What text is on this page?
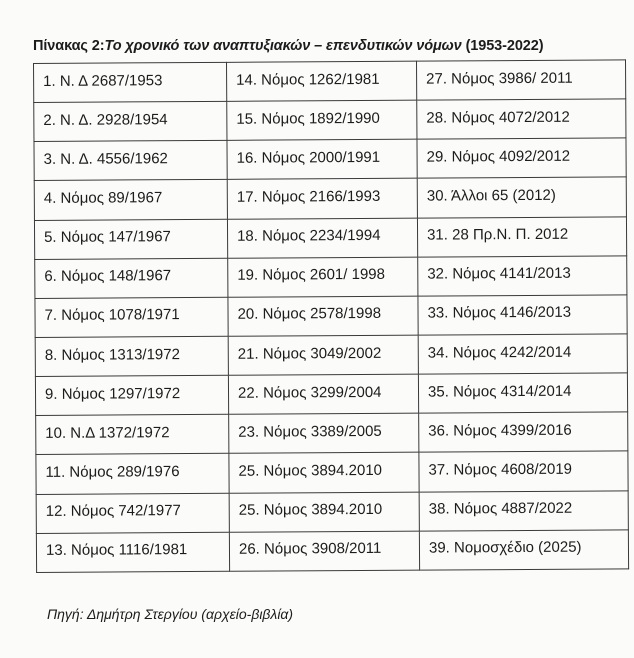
Πίνακας 2:Το χρονικό των αναπτυξιακών – επενδυτικών νόμων (1953-2022)
1. Ν. Δ 2687/1953	14. Νόμος 1262/1981	27. Νόμος 3986/ 2011
2. Ν. Δ. 2928/1954	15. Νόμος 1892/1990	28. Νόμος 4072/2012
3. Ν. Δ. 4556/1962	16. Νόμος 2000/1991	29. Νόμος 4092/2012
4. Νόμος 89/1967	17. Νόμος 2166/1993	30. Άλλοι 65 (2012)
5. Νόμος 147/1967	18. Νόμος 2234/1994	31. 28 Πρ.Ν. Π. 2012
6. Νόμος 148/1967	19. Νόμος 2601/ 1998	32. Νόμος 4141/2013
7. Νόμος 1078/1971	20. Νόμος 2578/1998	33. Νόμος 4146/2013
8. Νόμος 1313/1972	21. Νόμος 3049/2002	34. Νόμος 4242/2014
9. Νόμος 1297/1972	22. Νόμος 3299/2004	35. Νόμος 4314/2014
10. Ν.Δ 1372/1972	23. Νόμος 3389/2005	36. Νόμος 4399/2016
11. Νόμος 289/1976	25. Νόμος 3894.2010	37. Νόμος 4608/2019
12. Νόμος 742/1977	25. Νόμος 3894.2010	38. Νόμος 4887/2022
13. Νόμος 1116/1981	26. Νόμος 3908/2011	39. Νομοσχέδιο (2025)
Πηγή: Δημήτρη Στεργίου (αρχείο-βιβλία)
